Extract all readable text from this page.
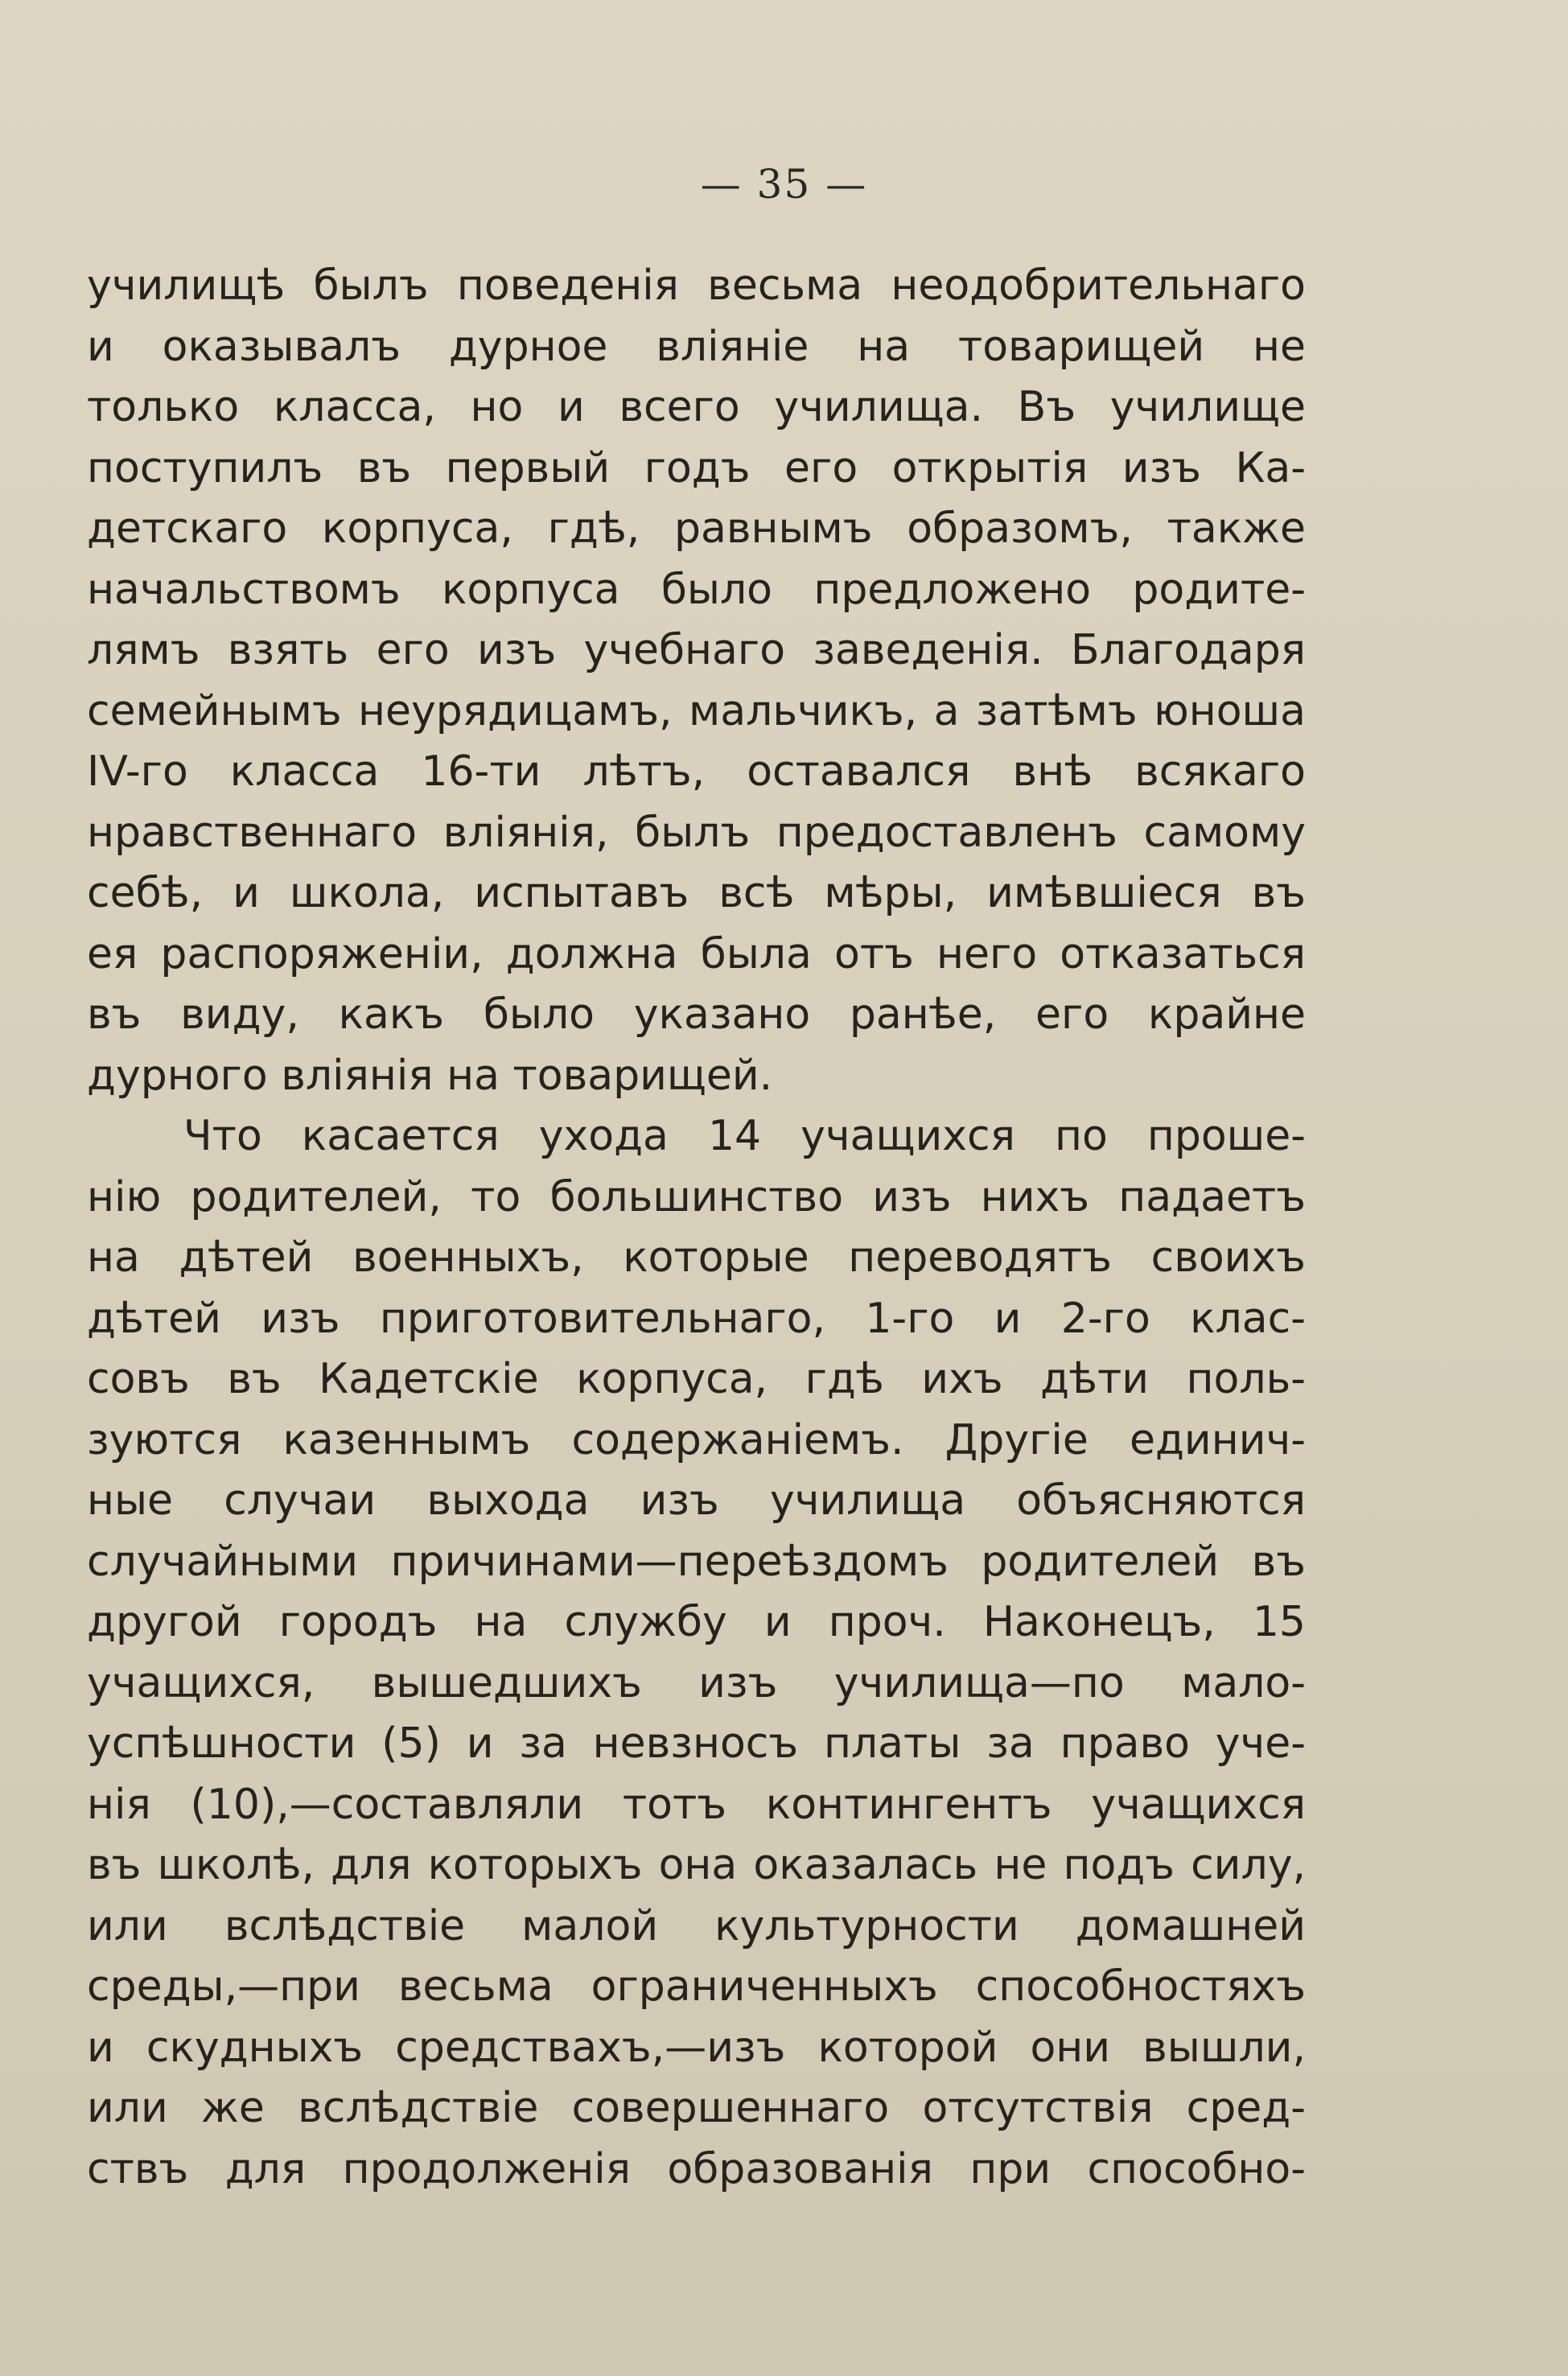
— 35 —
училищѣ былъ поведенія весьма неодобрительнаго
и оказывалъ дурное вліяніе на товарищей не
только класса, но и всего училища. Въ училище
поступилъ въ первый годъ его открытія изъ Ка-
детскаго корпуса, гдѣ, равнымъ образомъ, также
начальствомъ корпуса было предложено родите-
лямъ взять его изъ учебнаго заведенія. Благодаря
семейнымъ неурядицамъ, мальчикъ, а затѣмъ юноша
IV-го класса 16-ти лѣтъ, оставался внѣ всякаго
нравственнаго вліянія, былъ предоставленъ самому
себѣ, и школа, испытавъ всѣ мѣры, имѣвшіеся въ
ея распоряженіи, должна была отъ него отказаться
въ виду, какъ было указано ранѣе, его крайне
дурного вліянія на товарищей.
Что касается ухода 14 учащихся по проше-
нію родителей, то большинство изъ нихъ падаетъ
на дѣтей военныхъ, которые переводятъ своихъ
дѣтей изъ приготовительнаго, 1-го и 2-го клас-
совъ въ Кадетскіе корпуса, гдѣ ихъ дѣти поль-
зуются казеннымъ содержаніемъ. Другіе единич-
ные случаи выхода изъ училища объясняются
случайными причинами—переѣздомъ родителей въ
другой городъ на службу и проч. Наконецъ, 15
учащихся, вышедшихъ изъ училища—по мало-
успѣшности (5) и за невзносъ платы за право уче-
нія (10),—составляли тотъ контингентъ учащихся
въ школѣ, для которыхъ она оказалась не подъ силу,
или вслѣдствіе малой культурности домашней
среды,—при весьма ограниченныхъ способностяхъ
и скудныхъ средствахъ,—изъ которой они вышли,
или же вслѣдствіе совершеннаго отсутствія сред-
ствъ для продолженія образованія при способно-
